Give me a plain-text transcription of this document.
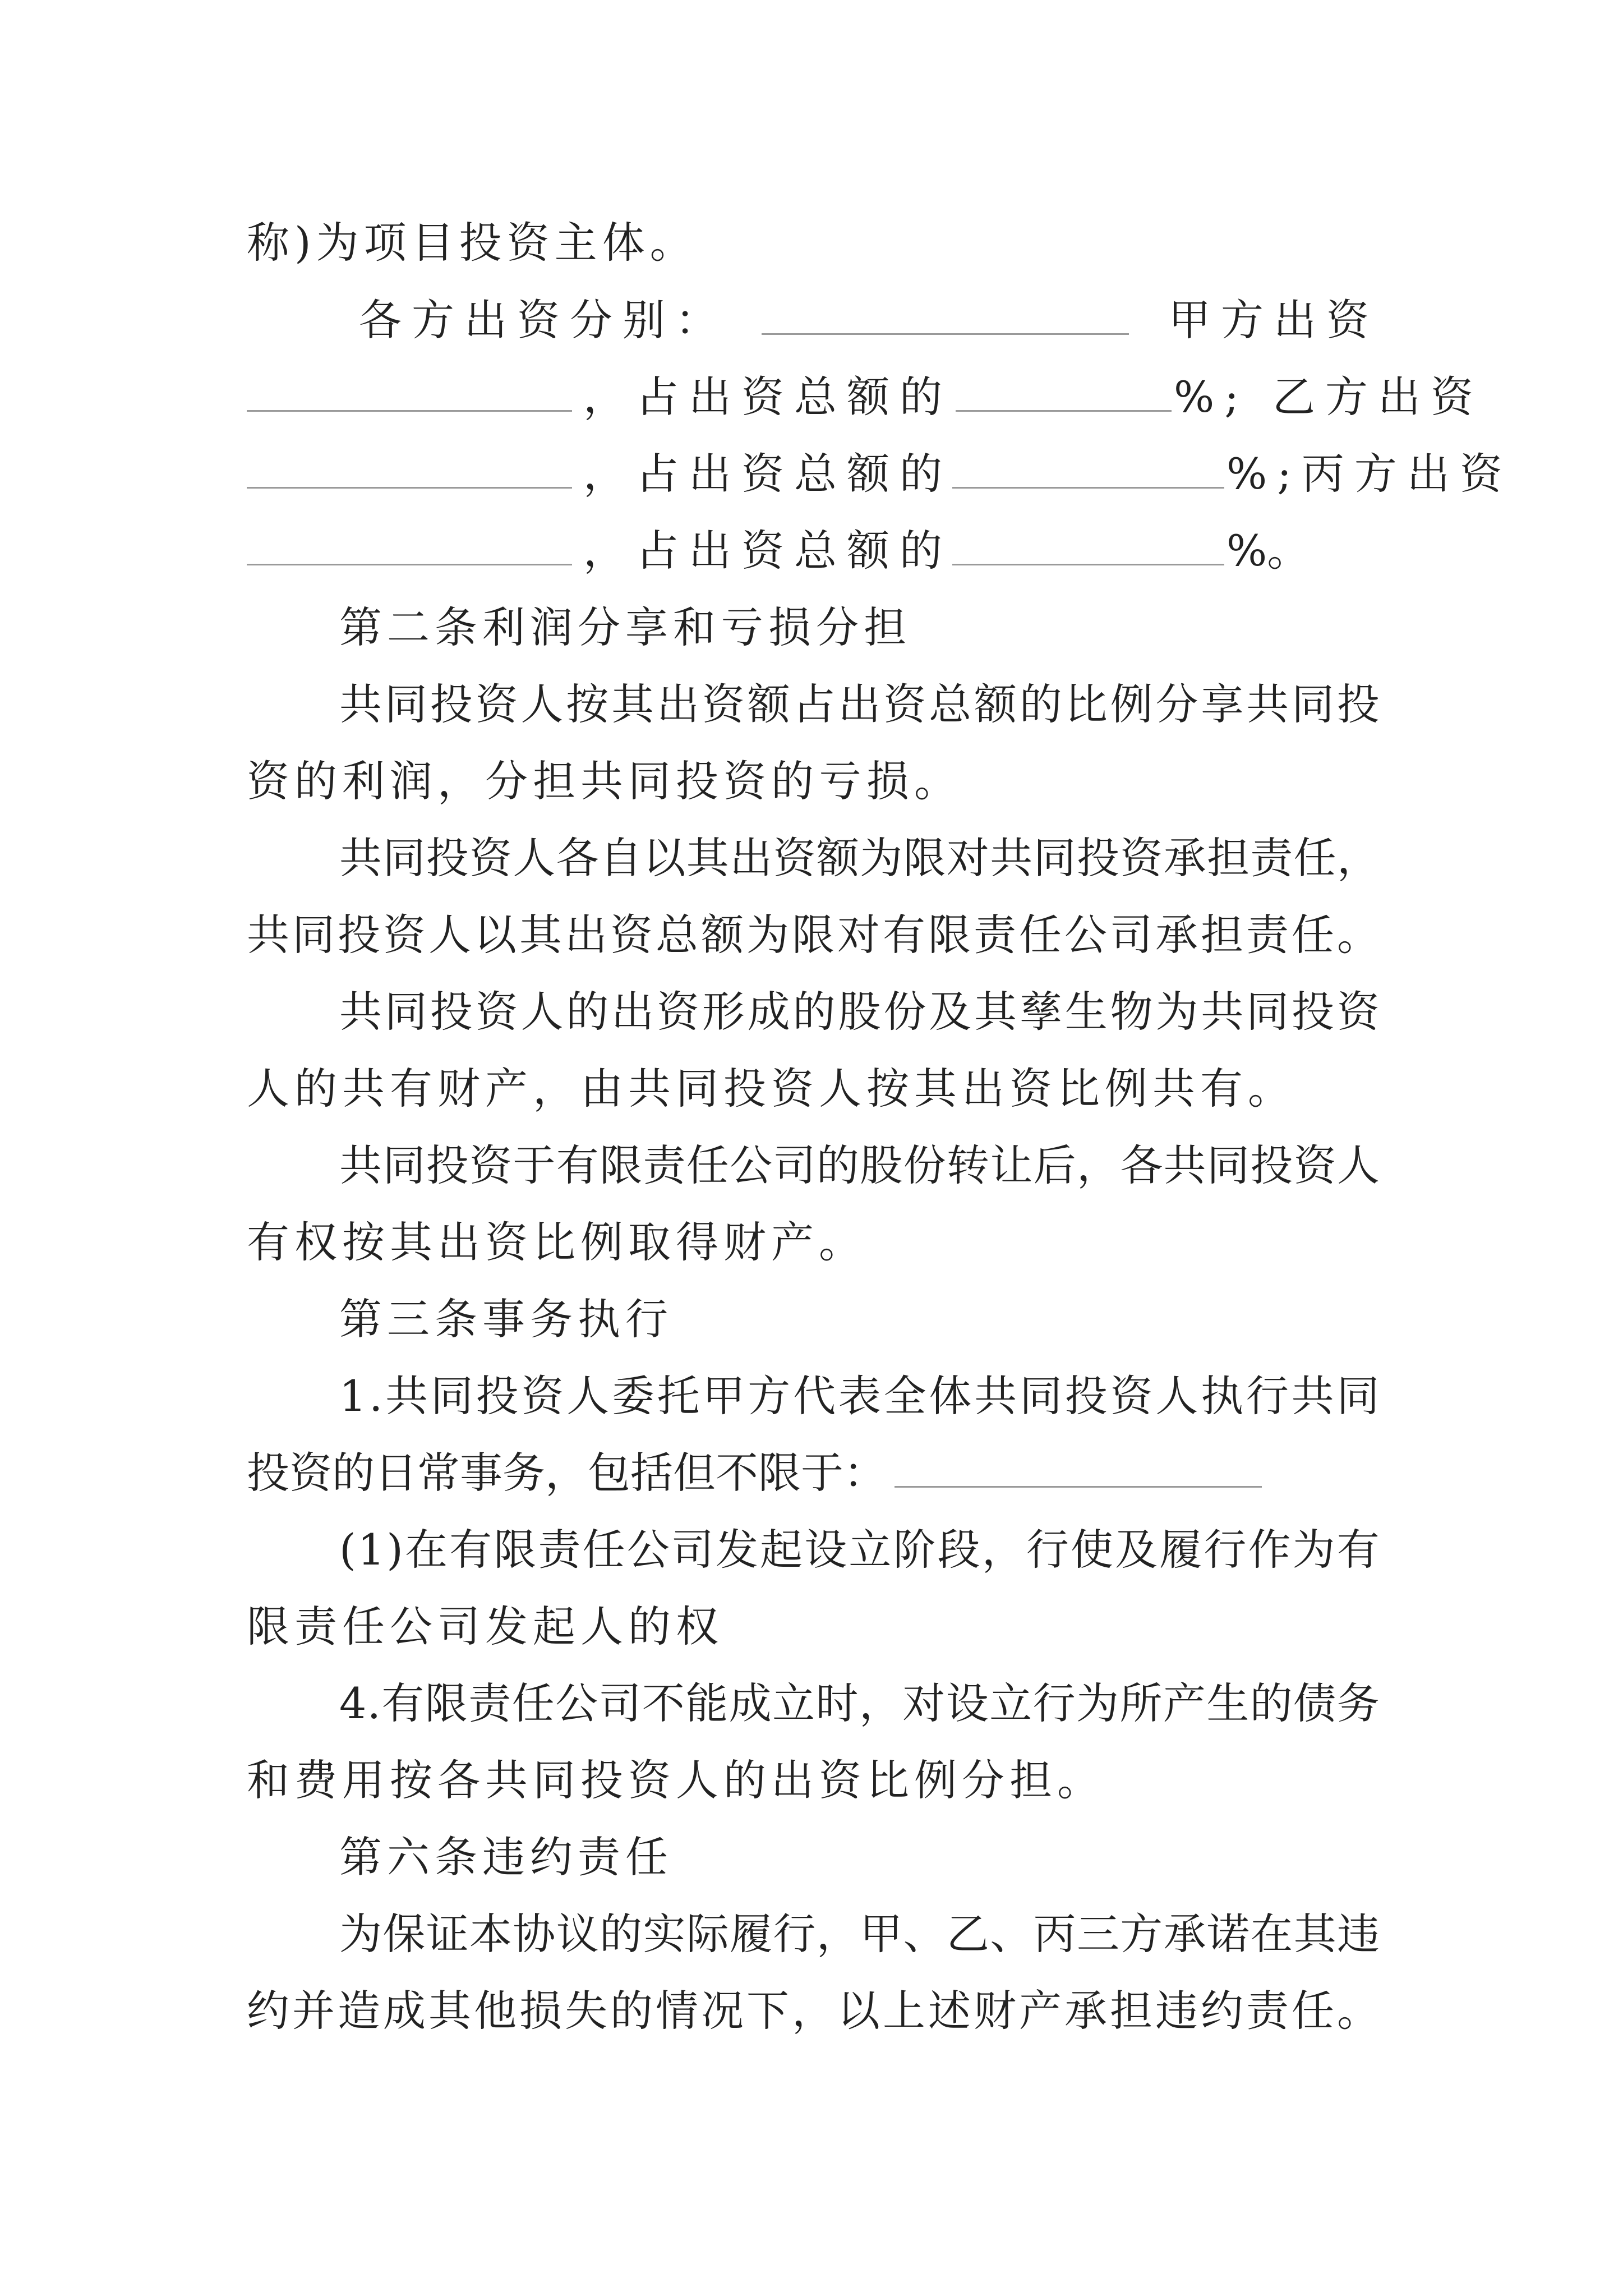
称)为项目投资主体。
各方出资分别：	甲方出资
，占出资总额的	%; 乙方出资
，占出资总额的	%;丙方出资
，占出资总额的	%。
第二条利润分享和亏损分担
共同投资人按其出资额占出资总额的比例分享共同投
资的利润，分担共同投资的亏损。
共同投资人各自以其出资额为限对共同投资承担责任，
共同投资人以其出资总额为限对有限责任公司承担责任。
共同投资人的出资形成的股份及其孳生物为共同投资
人的共有财产，由共同投资人按其出资比例共有。
共同投资于有限责任公司的股份转让后，各共同投资人
有权按其出资比例取得财产。
第三条事务执行
1.共同投资人委托甲方代表全体共同投资人执行共同
投资的日常事务，包括但不限于：
(1)在有限责任公司发起设立阶段，行使及履行作为有
限责任公司发起人的权
4.有限责任公司不能成立时，对设立行为所产生的债务
和费用按各共同投资人的出资比例分担。
第六条违约责任
为保证本协议的实际履行，甲、乙、丙三方承诺在其违
约并造成其他损失的情况下，以上述财产承担违约责任。
